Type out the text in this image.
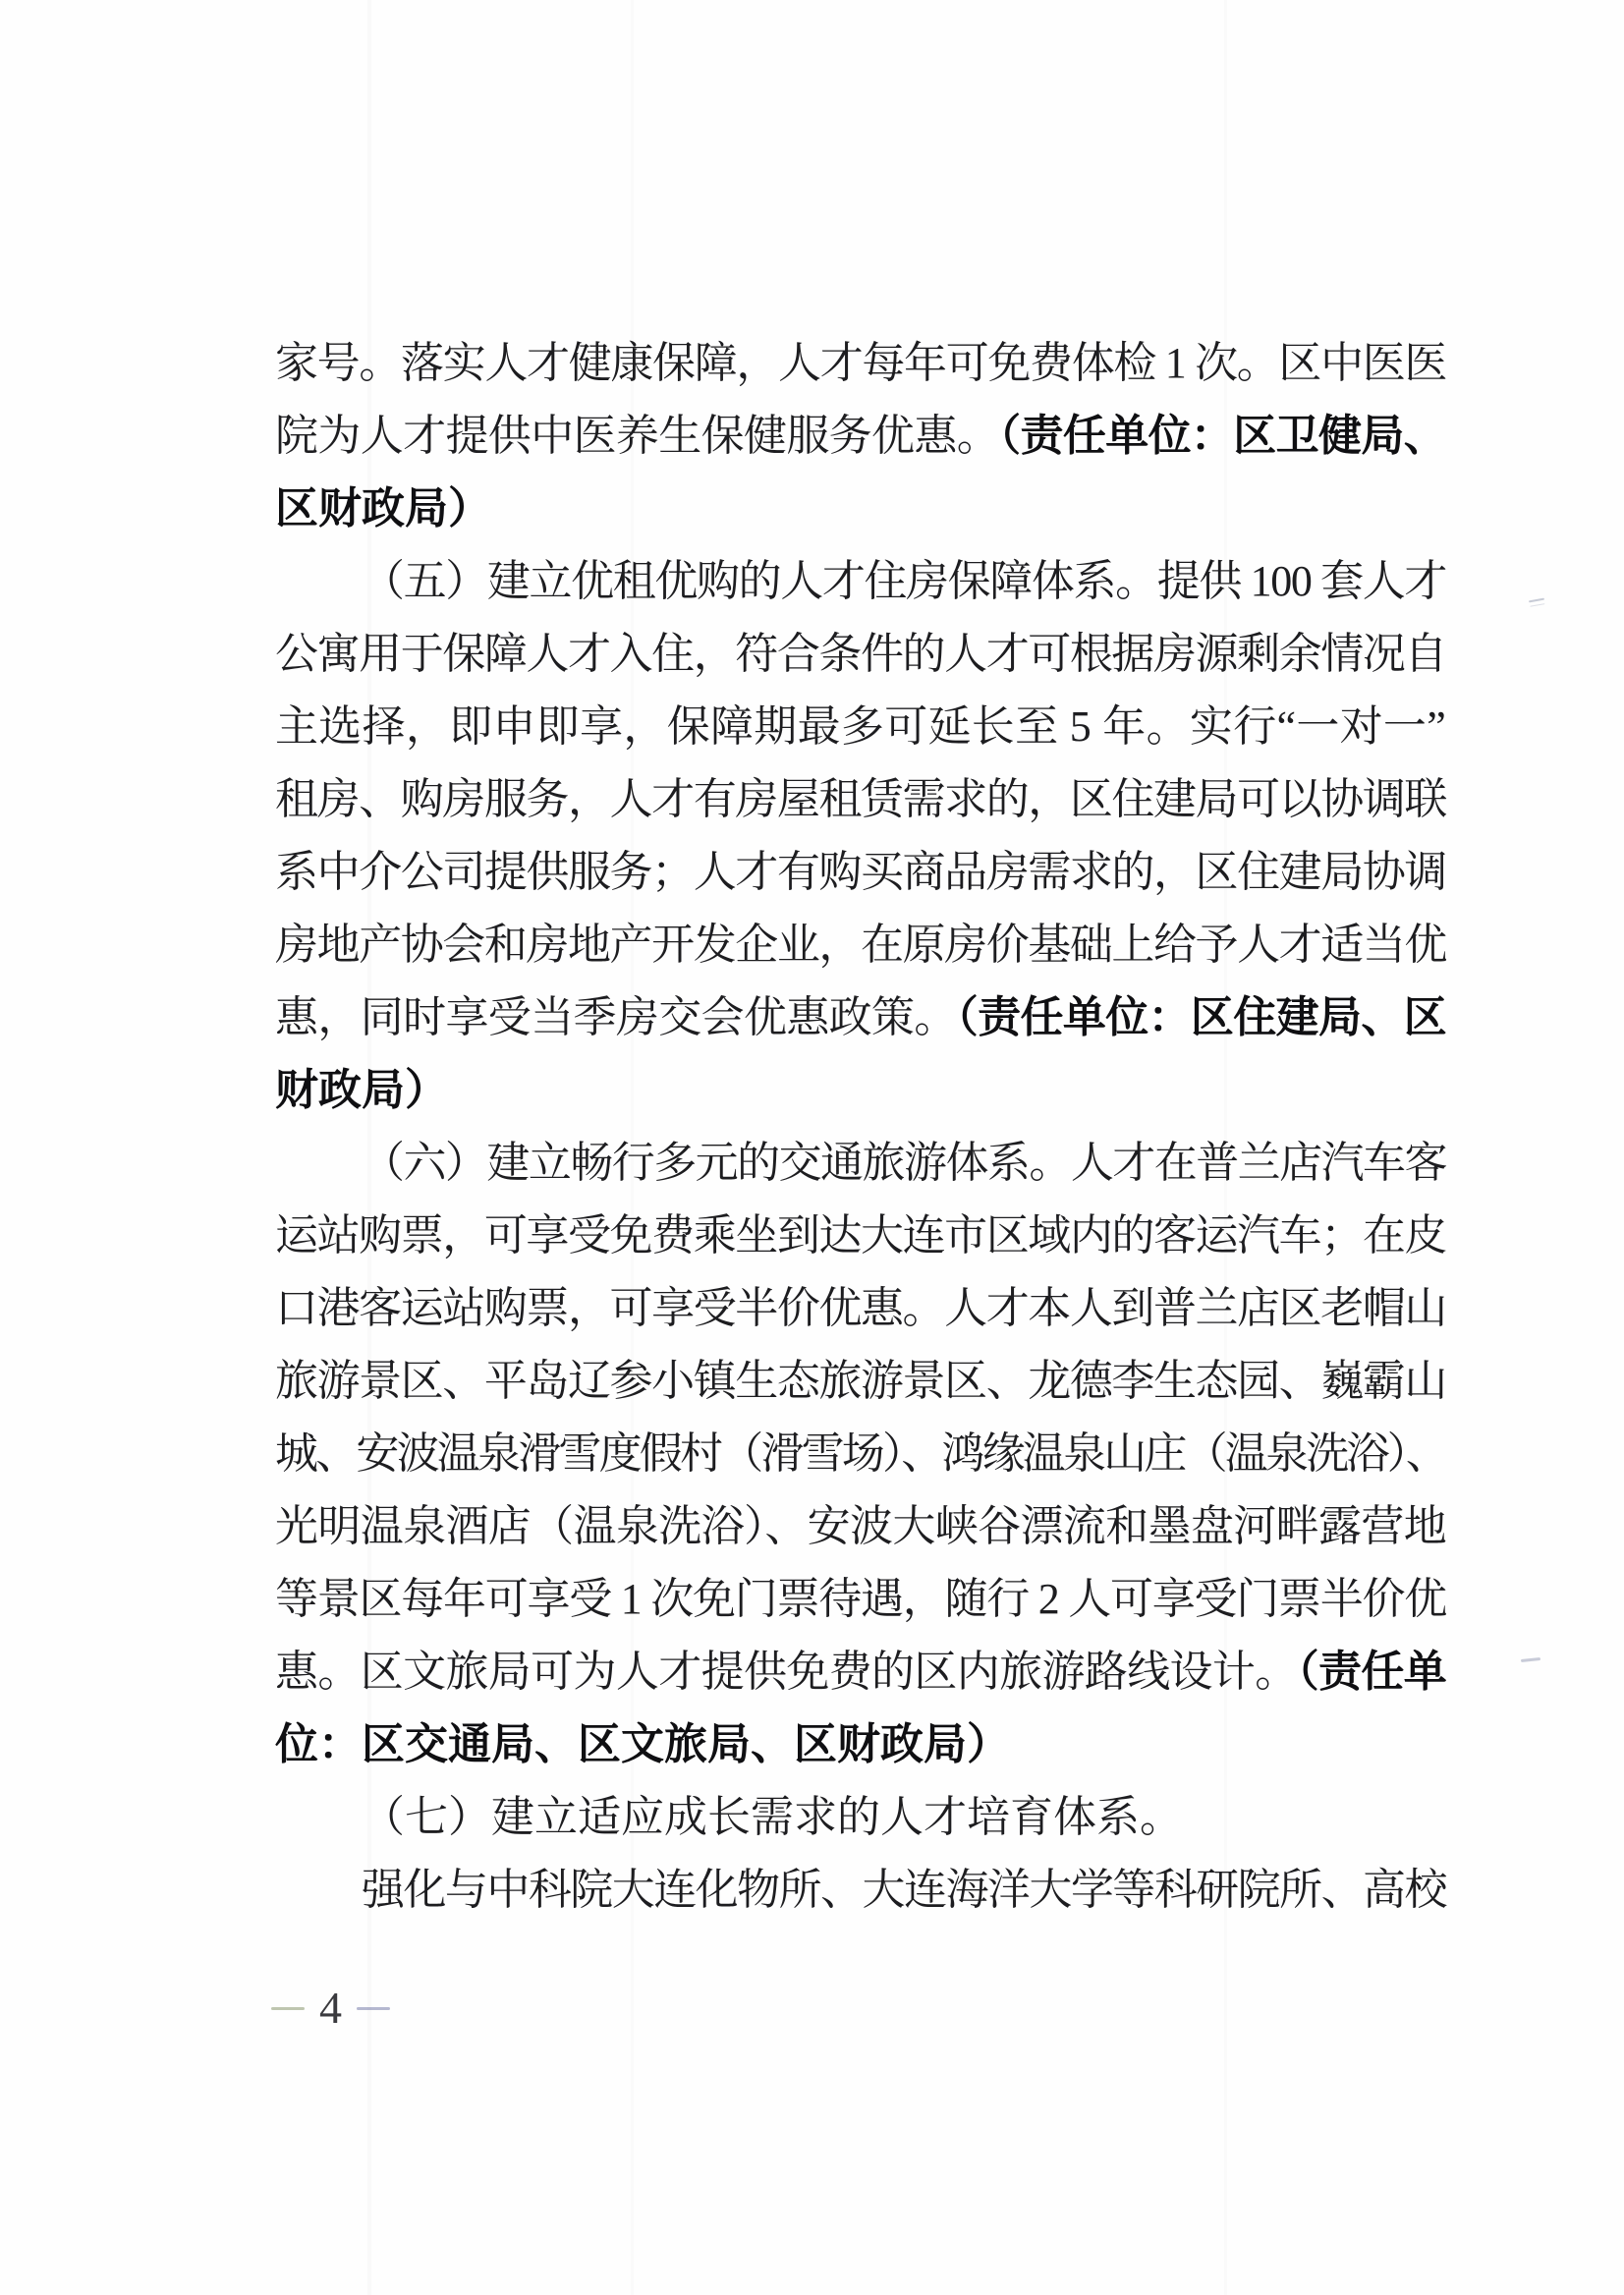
家号。落实人才健康保障，人才每年可免费体检 1 次。区中医医
院为人才提供中医养生保健服务优惠。（责任单位：区卫健局、
区财政局）
（五）建立优租优购的人才住房保障体系。提供 100 套人才
公寓用于保障人才入住，符合条件的人才可根据房源剩余情况自
主选择，即申即享，保障期最多可延长至 5 年。实行“一对一”
租房、购房服务，人才有房屋租赁需求的，区住建局可以协调联
系中介公司提供服务；人才有购买商品房需求的，区住建局协调
房地产协会和房地产开发企业，在原房价基础上给予人才适当优
惠，同时享受当季房交会优惠政策。（责任单位：区住建局、区
财政局）
（六）建立畅行多元的交通旅游体系。人才在普兰店汽车客
运站购票，可享受免费乘坐到达大连市区域内的客运汽车；在皮
口港客运站购票，可享受半价优惠。人才本人到普兰店区老帽山
旅游景区、平岛辽参小镇生态旅游景区、龙德李生态园、巍霸山
城、安波温泉滑雪度假村（滑雪场）、鸿缘温泉山庄（温泉洗浴）、
光明温泉酒店（温泉洗浴）、安波大峡谷漂流和墨盘河畔露营地
等景区每年可享受 1 次免门票待遇，随行 2 人可享受门票半价优
惠。区文旅局可为人才提供免费的区内旅游路线设计。（责任单
位：区交通局、区文旅局、区财政局）
（七）建立适应成长需求的人才培育体系。
强化与中科院大连化物所、大连海洋大学等科研院所、高校
4
